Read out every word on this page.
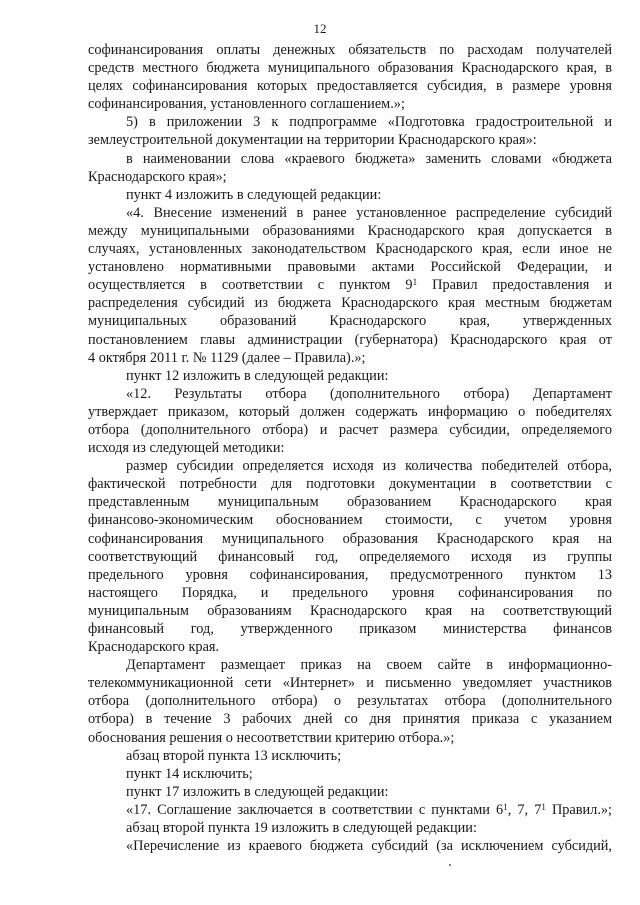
12

софинансирования оплаты денежных обязательств по расходам получателей

средств местного бюджета муниципального образования Краснодарского края, в

целях софинансирования которых предоставляется субсидия, в размере уровня

софинансирования, установленного соглашением.»;

5) в приложении 3 к подпрограмме «Подготовка градостроительной и

землеустроительной документации на территории Краснодарского края»:

в наименовании слова «краевого бюджета» заменить словами «бюджета

Краснодарского края»;

пункт 4 изложить в следующей редакции:

«4. Внесение изменений в ранее установленное распределение субсидий

между муниципальными образованиями Краснодарского края допускается в

случаях, установленных законодательством Краснодарского края, если иное не

установлено нормативными правовыми актами Российской Федерации, и

осуществляется в соответствии с пунктом $9^1$ Правил предоставления и

распределения субсидий из бюджета Краснодарского края местным бюджетам

муниципальных образований Краснодарского края, утвержденных

постановлением главы администрации (губернатора) Краснодарского края от

4 октября 2011 г. № 1129 (далее – Правила).»;

пункт 12 изложить в следующей редакции:

«12. Результаты отбора (дополнительного отбора) Департамент

утверждает приказом, который должен содержать информацию о победителях

отбора (дополнительного отбора) и расчет размера субсидии, определяемого

исходя из следующей методики:

размер субсидии определяется исходя из количества победителей отбора,

фактической потребности для подготовки документации в соответствии с

представленным муниципальным образованием Краснодарского края

финансово-экономическим обоснованием стоимости, с учетом уровня

софинансирования муниципального образования Краснодарского края на

соответствующий финансовый год, определяемого исходя из группы

предельного уровня софинансирования, предусмотренного пунктом 13

настоящего Порядка, и предельного уровня софинансирования по

муниципальным образованиям Краснодарского края на соответствующий

финансовый год, утвержденного приказом министерства финансов

Краснодарского края.

Департамент размещает приказ на своем сайте в информационно-

телекоммуникационной сети «Интернет» и письменно уведомляет участников

отбора (дополнительного отбора) о результатах отбора (дополнительного

отбора) в течение 3 рабочих дней со дня принятия приказа с указанием

обоснования решения о несоответствии критерию отбора.»;

абзац второй пункта 13 исключить;

пункт 14 исключить;

пункт 17 изложить в следующей редакции:

«17. Соглашение заключается в соответствии с пунктами $6^1$, 7, $7^1$ Правил.»;

абзац второй пункта 19 изложить в следующей редакции:

«Перечисление из краевого бюджета субсидий (за исключением субсидий,
